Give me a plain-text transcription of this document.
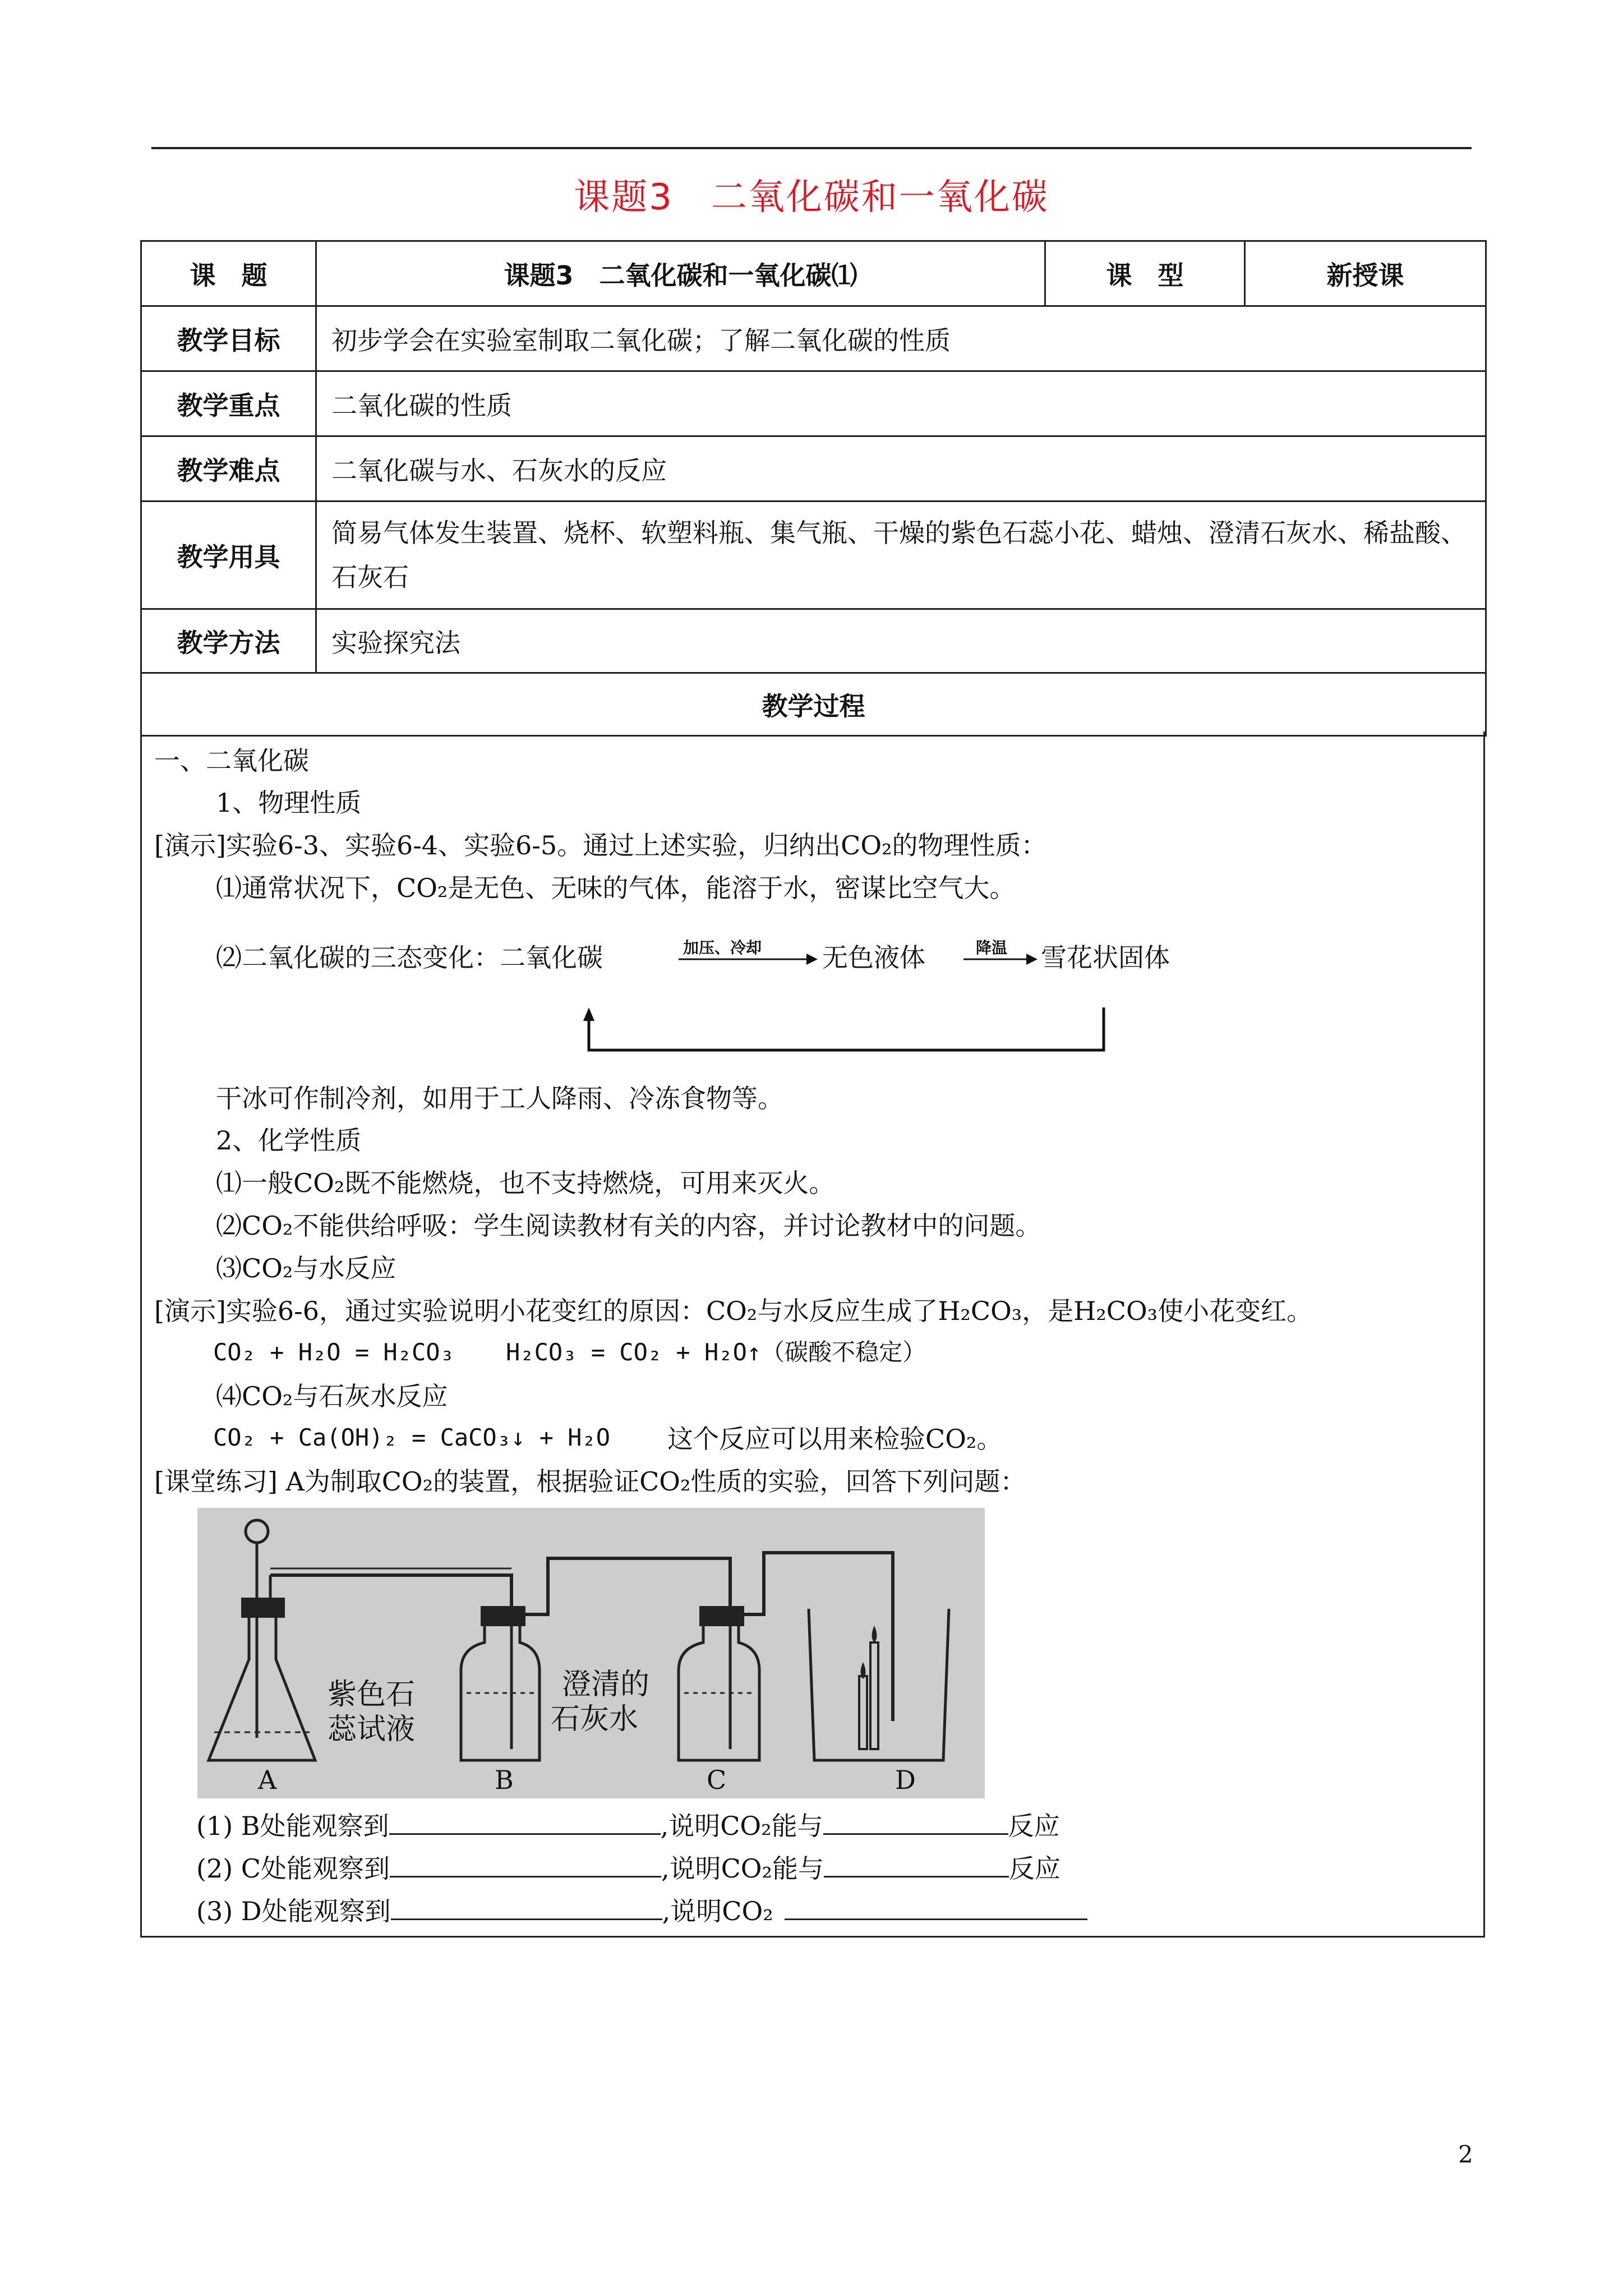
课题3　二氧化碳和一氧化碳
课　题	课题3　二氧化碳和一氧化碳⑴	课　型	新授课
教学目标	初步学会在实验室制取二氧化碳；了解二氧化碳的性质		
教学重点	二氧化碳的性质		
教学难点	二氧化碳与水、石灰水的反应		
教学用具	简易气体发生装置、烧杯、软塑料瓶、集气瓶、干燥的紫色石蕊小花、蜡烛、澄清石灰水、稀盐酸、石灰石		
教学方法	实验探究法		
教学过程			
一、二氧化碳
1、物理性质
[演示]实验6-3、实验6-4、实验6-5。通过上述实验，归纳出CO₂的物理性质：
⑴通常状况下，CO₂是无色、无味的气体，能溶于水，密谋比空气大。
⑵二氧化碳的三态变化：二氧化碳	加压、冷却 无色液体	降温 雪花状固体
干冰可作制冷剂，如用于工人降雨、冷冻食物等。
2、化学性质
⑴一般CO₂既不能燃烧，也不支持燃烧，可用来灭火。
⑵CO₂不能供给呼吸：学生阅读教材有关的内容，并讨论教材中的问题。
⑶CO₂与水反应
[演示]实验6-6，通过实验说明小花变红的原因：CO₂与水反应生成了H₂CO₃，是H₂CO₃使小花变红。
CO₂ + H₂O = H₂CO₃ H₂CO₃ = CO₂ + H₂O↑（碳酸不稳定）
⑷CO₂与石灰水反应
CO₂ + Ca(OH)₂ = CaCO₃↓ + H₂O 这个反应可以用来检验CO₂。
[课堂练习] A为制取CO₂的装置，根据验证CO₂性质的实验，回答下列问题：
紫色石
蕊试液
澄清的
石灰水
A	B	C	D
(1) B处能观察到	,说明CO₂能与	反应
(2) C处能观察到	,说明CO₂能与	反应
(3) D处能观察到	,说明CO₂
2
